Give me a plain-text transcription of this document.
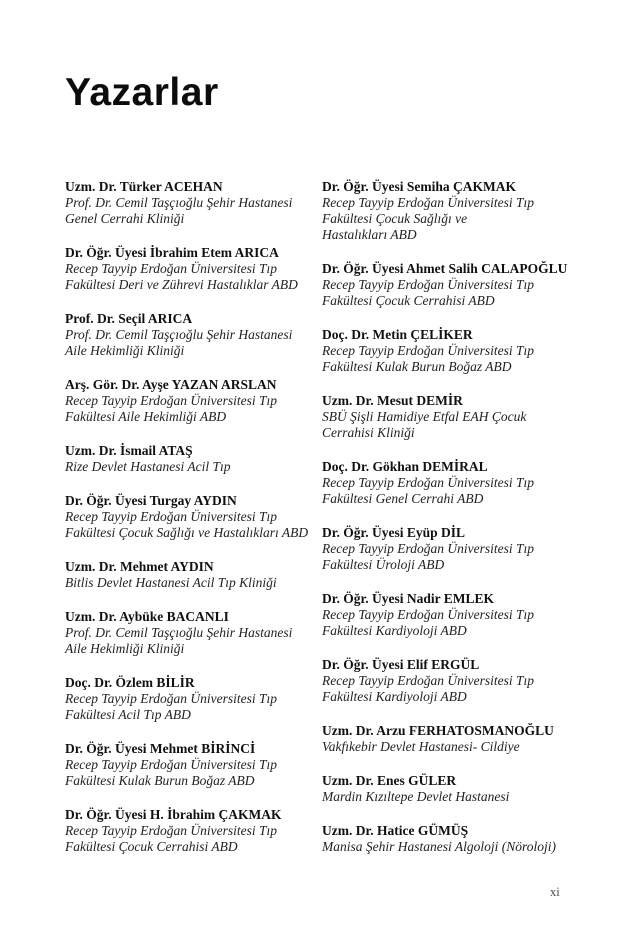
Yazarlar
Uzm. Dr. Türker ACEHAN
Prof. Dr. Cemil Taşçıoğlu Şehir Hastanesi
Genel Cerrahi Kliniği
Dr. Öğr. Üyesi İbrahim Etem ARICA
Recep Tayyip Erdoğan Üniversitesi Tıp
Fakültesi Deri ve Zührevi Hastalıklar ABD
Prof. Dr. Seçil ARICA
Prof. Dr. Cemil Taşçıoğlu Şehir Hastanesi
Aile Hekimliği Kliniği
Arş. Gör. Dr. Ayşe YAZAN ARSLAN
Recep Tayyip Erdoğan Üniversitesi Tıp
Fakültesi Aile Hekimliği ABD
Uzm. Dr. İsmail ATAŞ
Rize Devlet Hastanesi Acil Tıp
Dr. Öğr. Üyesi Turgay AYDIN
Recep Tayyip Erdoğan Üniversitesi Tıp
Fakültesi Çocuk Sağlığı ve Hastalıkları ABD
Uzm. Dr. Mehmet AYDIN
Bitlis Devlet Hastanesi Acil Tıp Kliniği
Uzm. Dr. Aybüke BACANLI
Prof. Dr. Cemil Taşçıoğlu Şehir Hastanesi
Aile Hekimliği Kliniği
Doç. Dr. Özlem BİLİR
Recep Tayyip Erdoğan Üniversitesi Tıp
Fakültesi Acil Tıp ABD
Dr. Öğr. Üyesi Mehmet BİRİNCİ
Recep Tayyip Erdoğan Üniversitesi Tıp
Fakültesi Kulak Burun Boğaz ABD
Dr. Öğr. Üyesi H. İbrahim ÇAKMAK
Recep Tayyip Erdoğan Üniversitesi Tıp
Fakültesi Çocuk Cerrahisi ABD
Dr. Öğr. Üyesi Semiha ÇAKMAK
Recep Tayyip Erdoğan Üniversitesi Tıp
Fakültesi Çocuk Sağlığı ve
Hastalıkları ABD
Dr. Öğr. Üyesi Ahmet Salih CALAPOĞLU
Recep Tayyip Erdoğan Üniversitesi Tıp
Fakültesi Çocuk Cerrahisi ABD
Doç. Dr. Metin ÇELİKER
Recep Tayyip Erdoğan Üniversitesi Tıp
Fakültesi Kulak Burun Boğaz ABD
Uzm. Dr. Mesut DEMİR
SBÜ Şişli Hamidiye Etfal EAH Çocuk
Cerrahisi Kliniği
Doç. Dr. Gökhan DEMİRAL
Recep Tayyip Erdoğan Üniversitesi Tıp
Fakültesi Genel Cerrahi ABD
Dr. Öğr. Üyesi Eyüp DİL
Recep Tayyip Erdoğan Üniversitesi Tıp
Fakültesi Üroloji ABD
Dr. Öğr. Üyesi Nadir EMLEK
Recep Tayyip Erdoğan Üniversitesi Tıp
Fakültesi Kardiyoloji ABD
Dr. Öğr. Üyesi Elif ERGÜL
Recep Tayyip Erdoğan Üniversitesi Tıp
Fakültesi Kardiyoloji ABD
Uzm. Dr. Arzu FERHATOSMANOĞLU
Vakfıkebir Devlet Hastanesi- Cildiye
Uzm. Dr. Enes GÜLER
Mardin Kızıltepe Devlet Hastanesi
Uzm. Dr. Hatice GÜMÜŞ
Manisa Şehir Hastanesi Algoloji (Nöroloji)
xi
